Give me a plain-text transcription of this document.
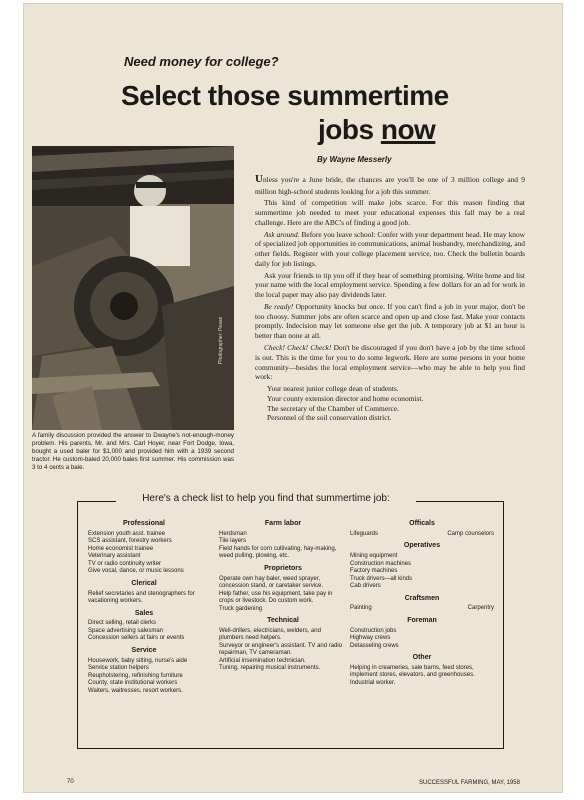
Need money for college?
Select those summertime
jobs now
By Wayne Messerly
Photographer: Pease
A family discussion provided the answer to Dwayne's not-enough-money problem. His parents, Mr. and Mrs. Carl Hoyer, near Fort Dodge, Iowa, bought a used baler for $1,000 and provided him with a 1939 second tractor. He custom-baled 20,000 bales first summer. His commission was 3 to 4 cents a bale.

Unless you're a June bride, the chances are you'll be one of 3 million college and 9 million high-school students looking for a job this summer.

This kind of competition will make jobs scarce. For this reason finding that summertime job needed to meet your educational expenses this fall may be a real challenge. Here are the ABC's of finding a good job.

Ask around. Before you leave school: Confer with your department head. He may know of specialized job opportunities in communications, animal husbandry, merchandizing, and other fields. Register with your college placement service, too. Check the bulletin boards daily for job listings.

Ask your friends to tip you off if they hear of something promising. Write home and list your name with the local employment service. Spending a few dollars for an ad for work in the local paper may also pay dividends later.

Be ready! Opportunity knocks but once. If you can't find a job in your major, don't be too choosy. Summer jobs are often scarce and open up and close fast. Make your contacts promptly. Indecision may let someone else get the job. A temporary job at $1 an hour is better than none at all.

Check! Check! Check! Don't be discouraged if you don't have a job by the time school is out. This is the time for you to do some legwork. Here are some persons in your home community—besides the local employment service—who may be able to help you find work:

Your nearest junior college dean of students.

Your county extension director and home economist.

The secretary of the Chamber of Commerce.

Personnel of the soil conservation district.

Professional
Extension youth asst. trainee
SCS assistant, forestry workers
Home economist trainee
Veterinary assistant
TV or radio continuity writer
Give vocal, dance, or music lessons
Clerical
Relief secretaries and stenographers for vacationing workers.
Sales
Direct selling, retail clerks
Space advertising salesman
Concession sellers at fairs or events
Service
Housework, baby sitting, nurse's aide
Service station helpers
Reupholstering, refinishing furniture
County, state institutional workers
Waiters, waitresses, resort workers.
Farm labor
Herdsman
Tile layers
Field hands for corn cultivating, hay-making, weed pulling, plowing, etc.
Proprietors
Operate own hay baler, weed sprayer, concession stand, or caretaker service.
Help father, use his equipment, take pay in crops or livestock. Do custom work.
Truck gardening
Technical
Well-drillers, electricians, welders, and plumbers need helpers.
Surveyor or engineer's assistant. TV and radio repairman, TV cameraman.
Artificial insemination technician.
Tuning, repairing musical instruments.
Officals
Lifeguards	Camp counselors
Operatives
Mining equipment
Construction machines
Factory machines
Truck drivers—all kinds
Cab drivers
Craftsmen
Painting	Carpentry
Foreman
Construction jobs
Highway crews
Detasseling crews
Other
Helping in creameries, sale barns, feed stores, implement stores, elevators, and greenhouses. Industrial worker.
Here's a check list to help you find that summertime job:
70	SUCCESSFUL FARMING, MAY, 1958
